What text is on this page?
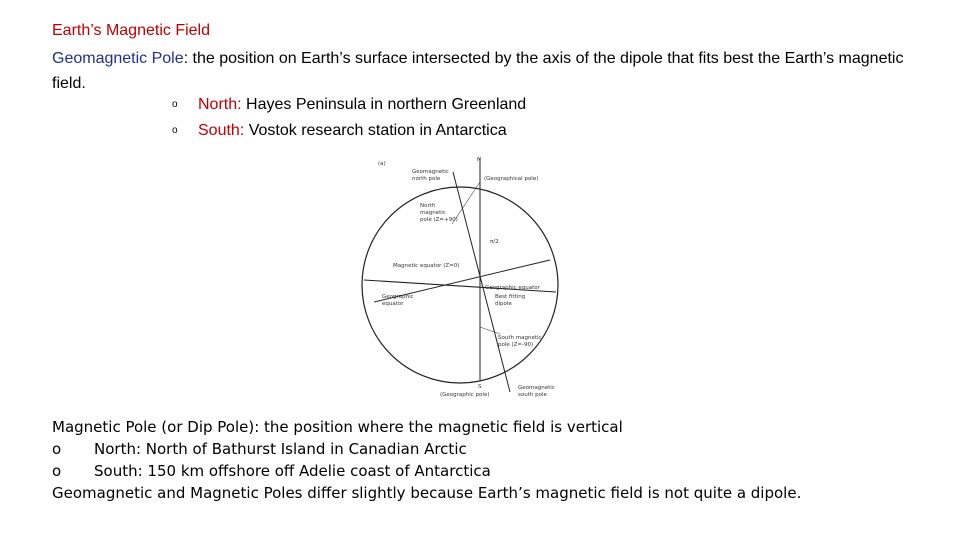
Earth’s Magnetic Field
Geomagnetic Pole: the position on Earth’s surface intersected by the axis of the dipole that fits best the Earth’s magnetic field.
o North: Hayes Peninsula in northern Greenland
o South: Vostok research station in Antarctica
(a)
N
S
Geomagnetic
north pole	(Geographical pole)
North
magnetic
pole (Z=+90)
π/2
Magnetic equator (Z=0)
Geographic
equator
Geographic equator
Best fitting
dipole
South magnetic
pole (Z=-90)
(Geographic pole)
Geomagnetic
south pole
Magnetic Pole (or Dip Pole): the position where the magnetic field is vertical
o North: North of Bathurst Island in Canadian Arctic
o South: 150 km offshore off Adelie coast of Antarctica
Geomagnetic and Magnetic Poles differ slightly because Earth’s magnetic field is not quite a dipole.
